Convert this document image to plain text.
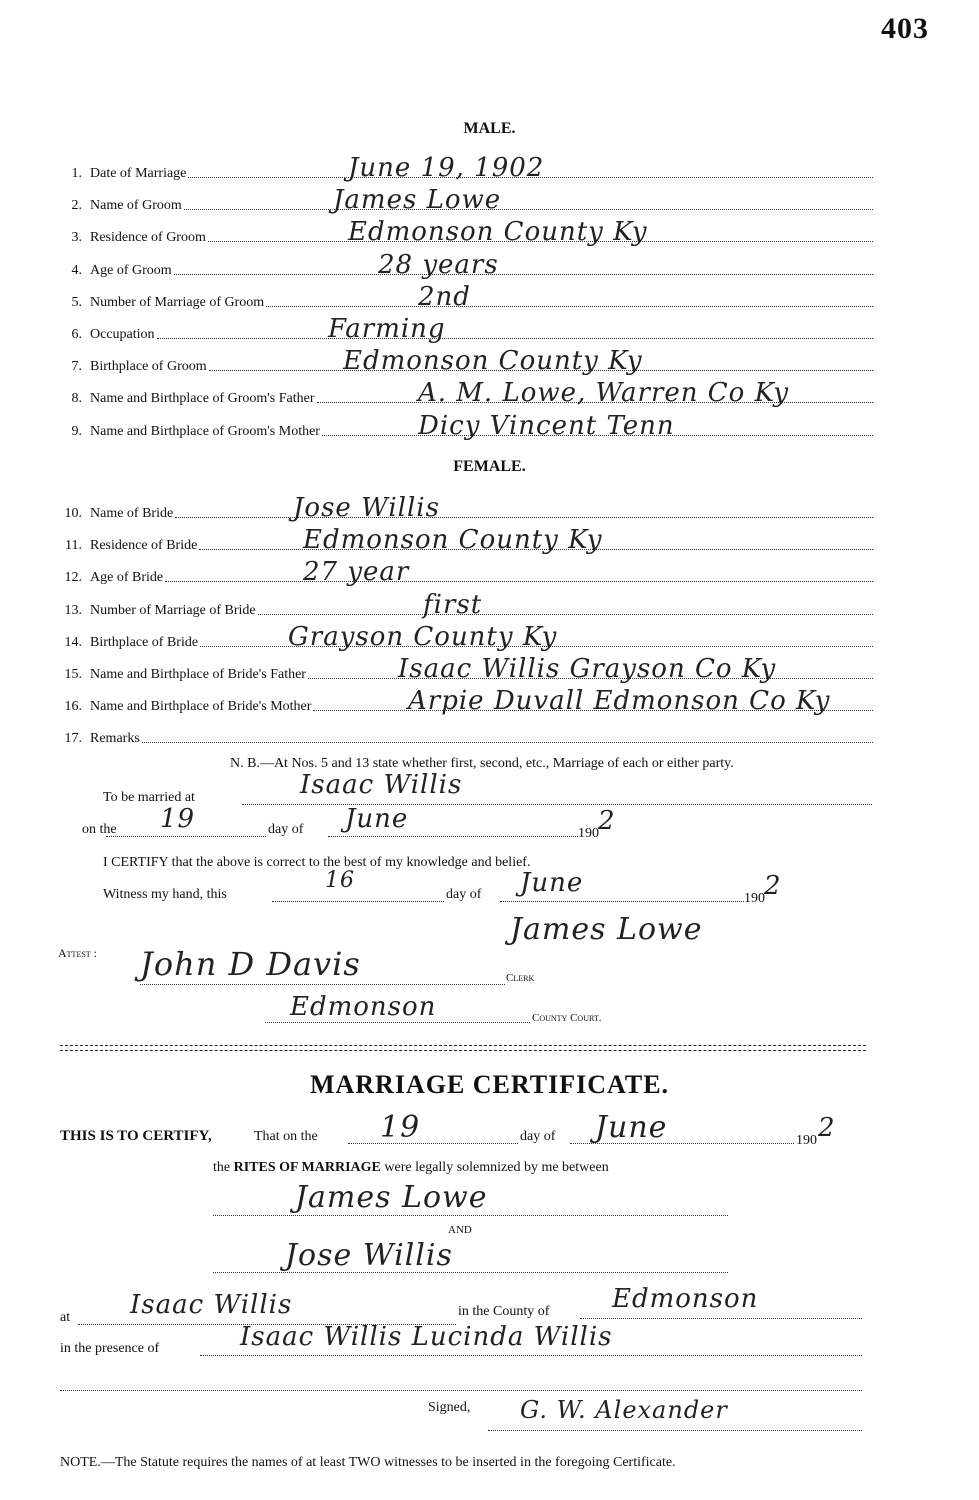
403
MALE.
1. Date of Marriage	June 19, 1902
2. Name of Groom	James Lowe
3. Residence of Groom	Edmonson County Ky
4. Age of Groom	28 years
5. Number of Marriage of Groom	2nd
6. Occupation	Farming
7. Birthplace of Groom	Edmonson County Ky
8. Name and Birthplace of Groom's Father	A. M. Lowe, Warren Co Ky
9. Name and Birthplace of Groom's Mother	Dicy Vincent Tenn
FEMALE.
10. Name of Bride	Jose Willis
11. Residence of Bride	Edmonson County Ky
12. Age of Bride	27 year
13. Number of Marriage of Bride	first
14. Birthplace of Bride	Grayson County Ky
15. Name and Birthplace of Bride's Father	Isaac Willis Grayson Co Ky
16. Name and Birthplace of Bride's Mother	Arpie Duvall Edmonson Co Ky
17. Remarks
N. B.—At Nos. 5 and 13 state whether first, second, etc., Marriage of each or either party.
To be married at	Isaac Willis
on the 19	day of June	190 2
I CERTIFY that the above is correct to the best of my knowledge and belief.
Witness my hand, this
16
day of June
190 2
James Lowe
Attest : John D Davis	Clerk
Edmonson	County Court.
MARRIAGE CERTIFICATE.
THIS IS TO CERTIFY,	That on the 19	day of June	190 2
the RITES OF MARRIAGE were legally solemnized by me between
James Lowe
AND
Jose Willis
at Isaac Willis	in the County of Edmonson
in the presence of	Isaac Willis Lucinda Willis
Signed, G. W. Alexander
NOTE.—The Statute requires the names of at least TWO witnesses to be inserted in the foregoing Certificate.
